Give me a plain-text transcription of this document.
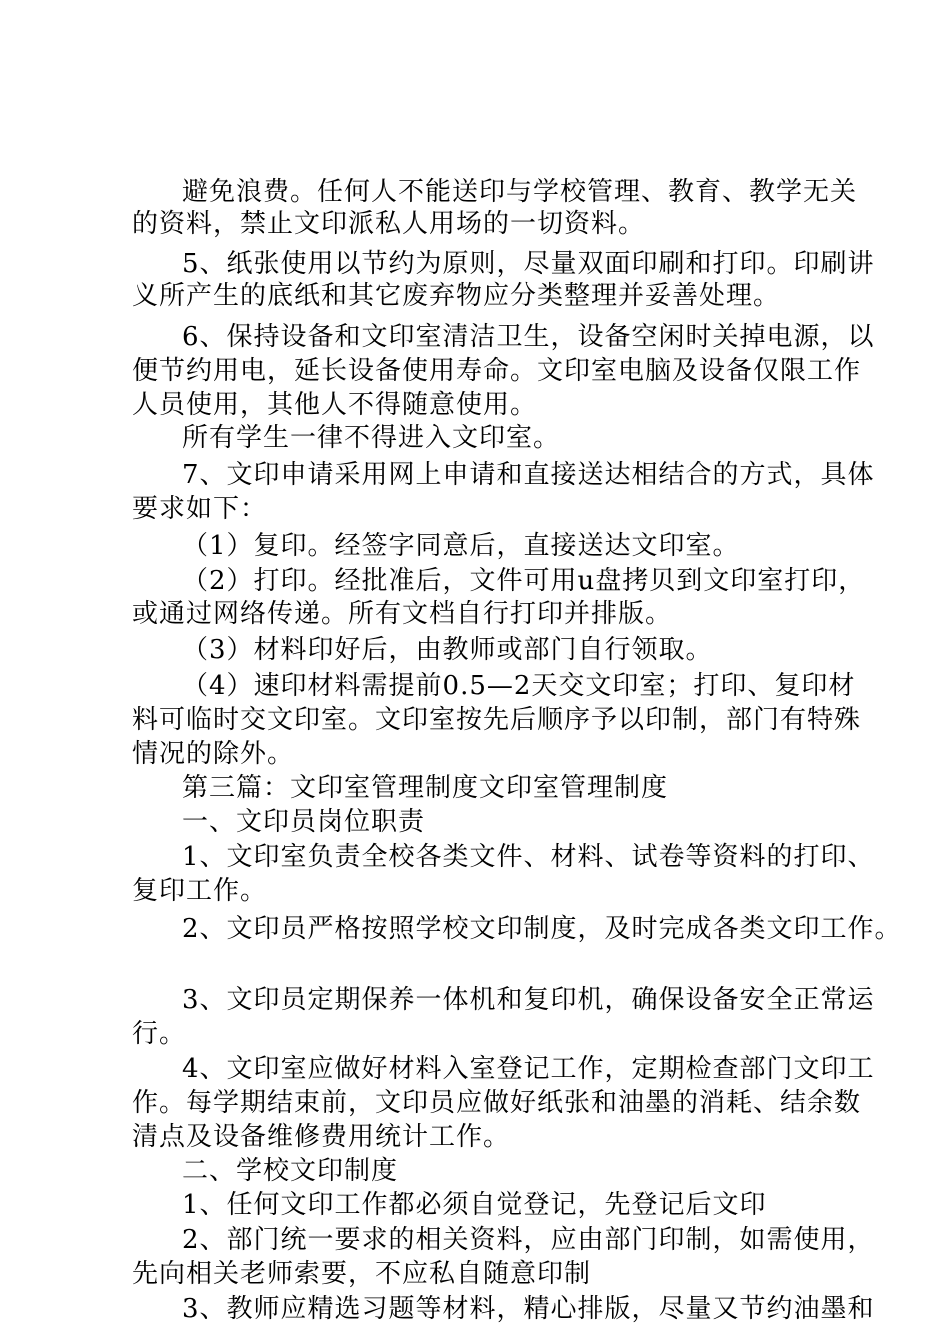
避免浪费。任何人不能送印与学校管理、教育、教学无关
的资料，禁止文印派私人用场的一切资料。
5、纸张使用以节约为原则，尽量双面印刷和打印。印刷讲
义所产生的底纸和其它废弃物应分类整理并妥善处理。
6、保持设备和文印室清洁卫生，设备空闲时关掉电源，以
便节约用电，延长设备使用寿命。文印室电脑及设备仅限工作
人员使用，其他人不得随意使用。
所有学生一律不得进入文印室。
7、文印申请采用网上申请和直接送达相结合的方式，具体
要求如下：
（1）复印。经签字同意后，直接送达文印室。
（2）打印。经批准后，文件可用u盘拷贝到文印室打印，
或通过网络传递。所有文档自行打印并排版。
（3）材料印好后，由教师或部门自行领取。
（4）速印材料需提前0.5—2天交文印室；打印、复印材
料可临时交文印室。文印室按先后顺序予以印制，部门有特殊
情况的除外。
第三篇：文印室管理制度文印室管理制度
一、文印员岗位职责
1、文印室负责全校各类文件、材料、试卷等资料的打印、
复印工作。
2、文印员严格按照学校文印制度，及时完成各类文印工作。
3、文印员定期保养一体机和复印机，确保设备安全正常运
行。
4、文印室应做好材料入室登记工作，定期检查部门文印工
作。每学期结束前，文印员应做好纸张和油墨的消耗、结余数
清点及设备维修费用统计工作。
二、学校文印制度
1、任何文印工作都必须自觉登记，先登记后文印
2、部门统一要求的相关资料，应由部门印制，如需使用，
先向相关老师索要，不应私自随意印制
3、教师应精选习题等材料，精心排版，尽量又节约油墨和
